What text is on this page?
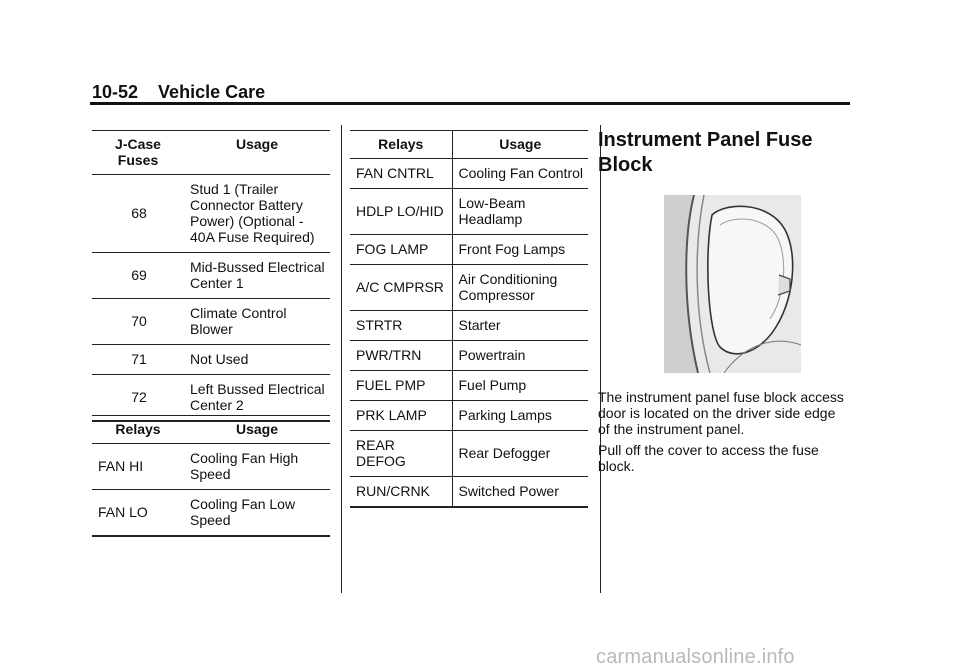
10-52 Vehicle Care
J-Case Fuses	Usage
68	Stud 1 (Trailer Connector Battery Power) (Optional - 40A Fuse Required)
69	Mid-Bussed Electrical Center 1
70	Climate Control Blower
71	Not Used
72	Left Bussed Electrical Center 2
Relays	Usage
FAN HI	Cooling Fan High Speed
FAN LO	Cooling Fan Low Speed
Relays	Usage
FAN CNTRL	Cooling Fan Control
HDLP LO/HID	Low-Beam Headlamp
FOG LAMP	Front Fog Lamps
A/C CMPRSR	Air Conditioning Compressor
STRTR	Starter
PWR/TRN	Powertrain
FUEL PMP	Fuel Pump
PRK LAMP	Parking Lamps
REAR DEFOG	Rear Defogger
RUN/CRNK	Switched Power
Instrument Panel Fuse Block

The instrument panel fuse block access door is located on the driver side edge of the instrument panel.

Pull off the cover to access the fuse block.

carmanualsonline.info
